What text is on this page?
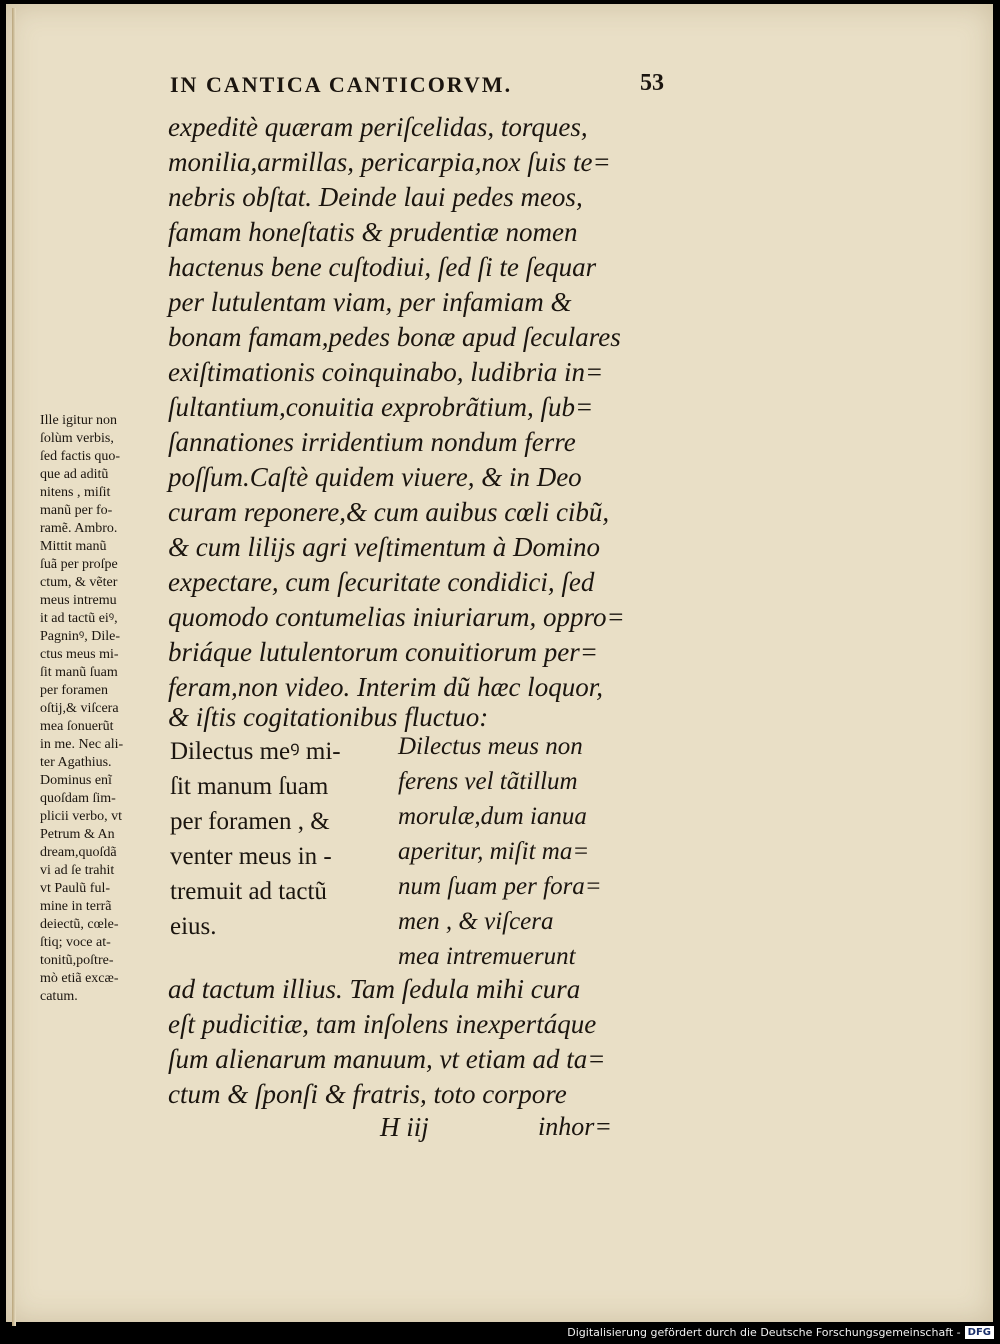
IN CANTICA CANTICORVM.	53
expeditè quæram periſcelidas, torques,
monilia,armillas, pericarpia,nox ſuis te=
nebris obſtat. Deinde laui pedes meos,
famam honeſtatis & prudentiæ nomen
hactenus bene cuſtodiui, ſed ſi te ſequar
per lutulentam viam, per infamiam &
bonam famam,pedes bonæ apud ſeculares
exiſtimationis coinquinabo, ludibria in=
ſultantium,conuitia exprobrãtium, ſub=
ſannationes irridentium nondum ferre
poſſum.Caſtè quidem viuere, & in Deo
curam reponere,& cum auibus cœli cibũ,
& cum lilijs agri veſtimentum à Domino
expectare, cum ſecuritate condidici, ſed
quomodo contumelias iniuriarum, oppro=
briáque lutulentorum conuitiorum per=
feram,non video. Interim dũ hæc loquor,
& iſtis cogitationibus fluctuo:
Dilectus meꝰ mi-
ſit manum ſuam
per foramen , &
venter meus in -
tremuit ad tactũ
eius.
Dilectus meus non
ferens vel tãtillum
morulæ,dum ianua
aperitur, miſit ma=
num ſuam per fora=
men , & viſcera
mea intremuerunt
ad tactum illius. Tam ſedula mihi cura
eſt pudicitiæ, tam inſolens inexpertáque
ſum alienarum manuum, vt etiam ad ta=
ctum & ſponſi & fratris, toto corpore
H iij	inhor=
Ille igitur non
ſolùm verbis,
ſed factis quo-
que ad aditũ
nitens , miſit
manũ per fo-
ramẽ. Ambro.
Mittit manũ
ſuã per proſpe
ctum, & vẽter
meus intremu
it ad tactũ eiꝰ,
Pagninꝰ, Dile-
ctus meus mi-
ſit manũ ſuam
per foramen
oſtij,& viſcera
mea ſonuerũt
in me. Nec ali-
ter Agathius.
Dominus enĩ
quoſdam ſim-
plicii verbo, vt
Petrum & An
dream,quoſdã
vi ad ſe trahit
vt Paulũ ful-
mine in terrã
deiectũ, cœle-
ſtiq; voce at-
tonitũ,poſtre-
mò etiã excæ-
catum.
Digitalisierung gefördert durch die Deutsche Forschungsgemeinschaft - DFG
